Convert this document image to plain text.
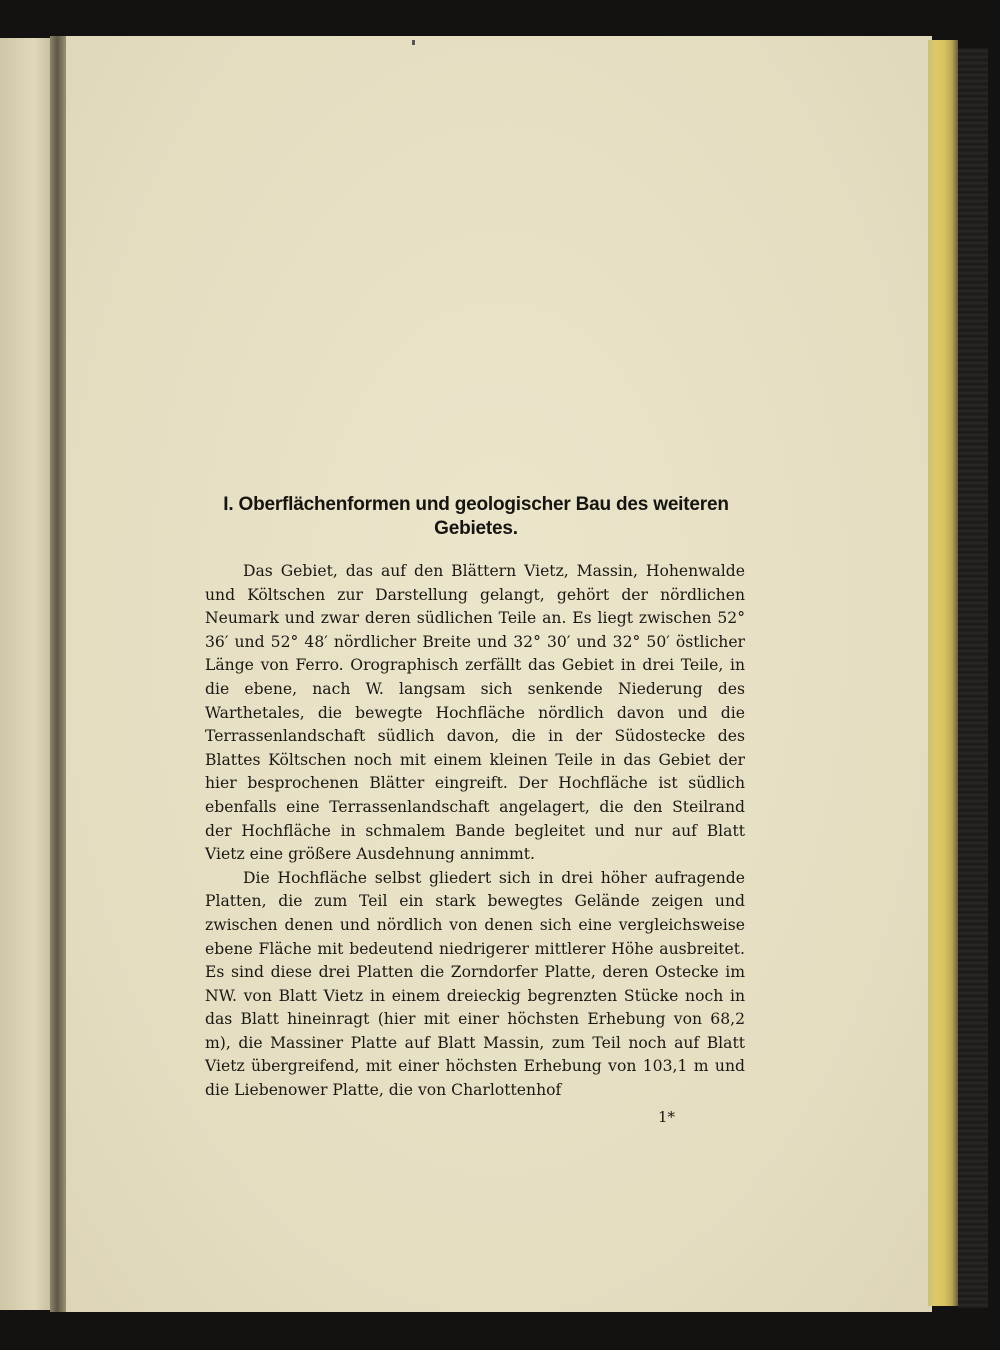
I. Oberflächenformen und geologischer Bau des weiteren Gebietes.

Das Gebiet, das auf den Blättern Vietz, Massin, Hohenwalde und Költschen zur Darstellung gelangt, gehört der nördlichen Neumark und zwar deren südlichen Teile an. Es liegt zwischen 52° 36′ und 52° 48′ nördlicher Breite und 32° 30′ und 32° 50′ östlicher Länge von Ferro. Orographisch zerfällt das Gebiet in drei Teile, in die ebene, nach W. langsam sich senkende Niederung des Warthetales, die bewegte Hochfläche nördlich davon und die Terrassenlandschaft südlich davon, die in der Südostecke des Blattes Költschen noch mit einem kleinen Teile in das Gebiet der hier besprochenen Blätter eingreift. Der Hochfläche ist südlich ebenfalls eine Terrassenlandschaft angelagert, die den Steilrand der Hochfläche in schmalem Bande begleitet und nur auf Blatt Vietz eine größere Ausdehnung annimmt.

Die Hochfläche selbst gliedert sich in drei höher aufragende Platten, die zum Teil ein stark bewegtes Gelände zeigen und zwischen denen und nördlich von denen sich eine vergleichsweise ebene Fläche mit bedeutend niedrigerer mittlerer Höhe ausbreitet. Es sind diese drei Platten die Zorndorfer Platte, deren Ostecke im NW. von Blatt Vietz in einem dreieckig begrenzten Stücke noch in das Blatt hineinragt (hier mit einer höchsten Erhebung von 68,2 m), die Massiner Platte auf Blatt Massin, zum Teil noch auf Blatt Vietz übergreifend, mit einer höchsten Erhebung von 103,1 m und die Liebenower Platte, die von Charlottenhof

1*
